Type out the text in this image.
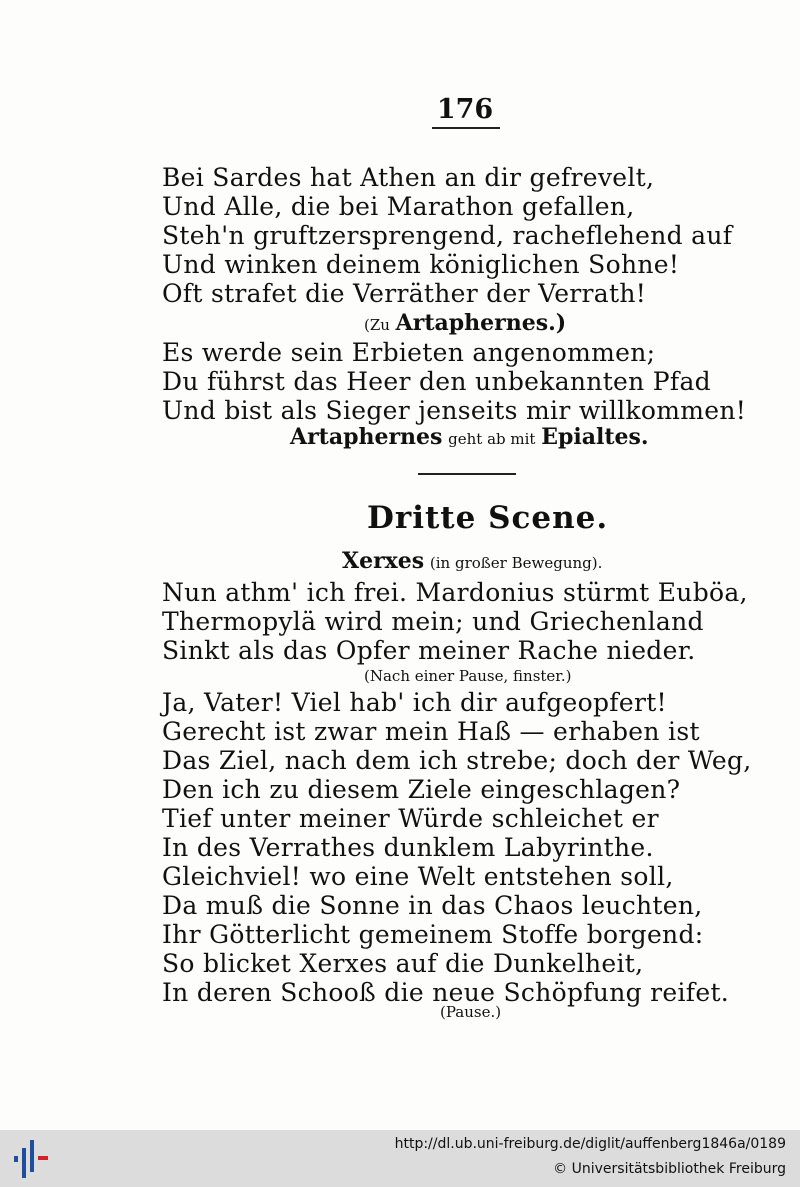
176
Bei Sardes hat Athen an dir gefrevelt,
Und Alle, die bei Marathon gefallen,
Steh'n gruftzersprengend, racheflehend auf
Und winken deinem königlichen Sohne!
Oft strafet die Verräther der Verrath!
(Zu Artaphernes.)
Es werde sein Erbieten angenommen;
Du führst das Heer den unbekannten Pfad
Und bist als Sieger jenseits mir willkommen!
Artaphernes geht ab mit Epialtes.
Dritte Scene.
Xerxes (in großer Bewegung).
Nun athm' ich frei. Mardonius stürmt Euböa,
Thermopylä wird mein; und Griechenland
Sinkt als das Opfer meiner Rache nieder.
(Nach einer Pause, finster.)
Ja, Vater! Viel hab' ich dir aufgeopfert!
Gerecht ist zwar mein Haß — erhaben ist
Das Ziel, nach dem ich strebe; doch der Weg,
Den ich zu diesem Ziele eingeschlagen?
Tief unter meiner Würde schleichet er
In des Verrathes dunklem Labyrinthe.
Gleichviel! wo eine Welt entstehen soll,
Da muß die Sonne in das Chaos leuchten,
Ihr Götterlicht gemeinem Stoffe borgend:
So blicket Xerxes auf die Dunkelheit,
In deren Schooß die neue Schöpfung reifet.
(Pause.)
http://dl.ub.uni-freiburg.de/diglit/auffenberg1846a/0189
© Universitätsbibliothek Freiburg
